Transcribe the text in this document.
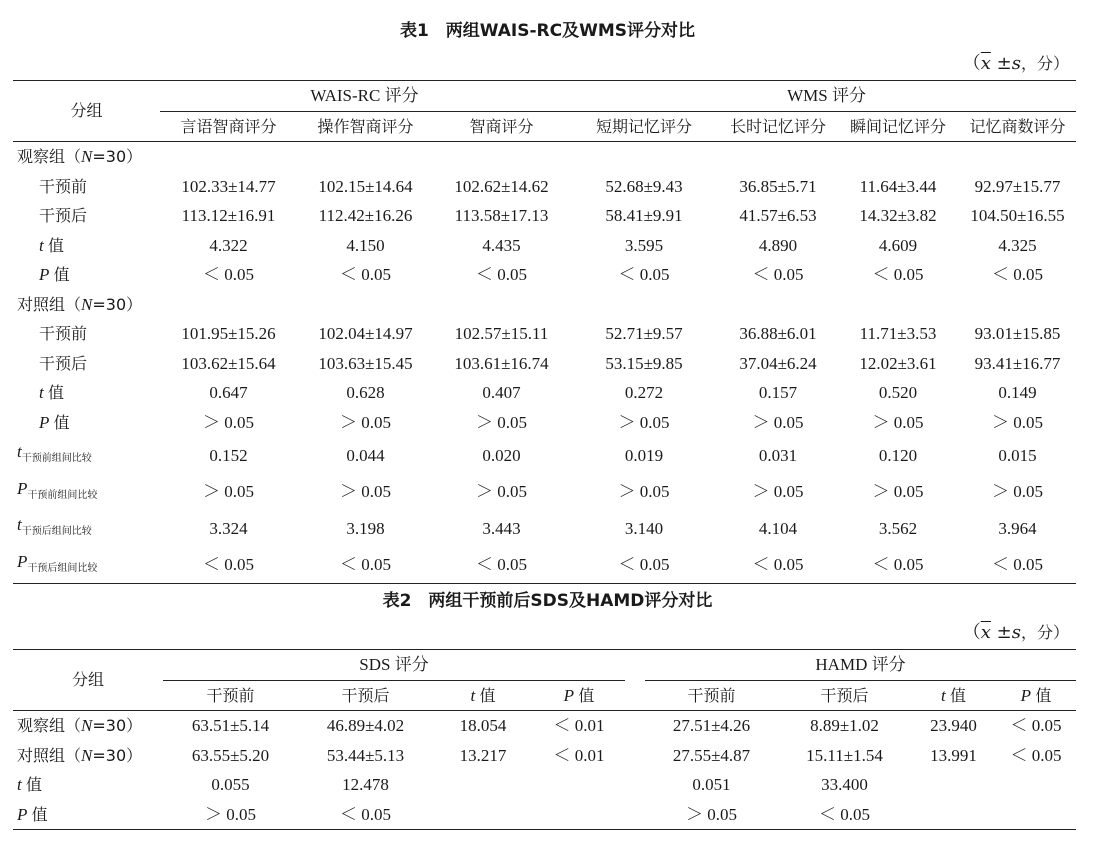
表1　两组WAIS-RC及WMS评分对比
（$\overline{x} \pm s$，分）
分组	WAIS-RC 评分			WMS 评分			
	言语智商评分	操作智商评分	智商评分	短期记忆评分	长时记忆评分	瞬间记忆评分	记忆商数评分
观察组（N=30）							
干预前	102.33±14.77	102.15±14.64	102.62±14.62	52.68±9.43	36.85±5.71	11.64±3.44	92.97±15.77
干预后	113.12±16.91	112.42±16.26	113.58±17.13	58.41±9.91	41.57±6.53	14.32±3.82	104.50±16.55
t 值	4.322	4.150	4.435	3.595	4.890	4.609	4.325
P 值	＜ 0.05	＜ 0.05	＜ 0.05	＜ 0.05	＜ 0.05	＜ 0.05	＜ 0.05
对照组（N=30）							
干预前	101.95±15.26	102.04±14.97	102.57±15.11	52.71±9.57	36.88±6.01	11.71±3.53	93.01±15.85
干预后	103.62±15.64	103.63±15.45	103.61±16.74	53.15±9.85	37.04±6.24	12.02±3.61	93.41±16.77
t 值	0.647	0.628	0.407	0.272	0.157	0.520	0.149
P 值	＞ 0.05	＞ 0.05	＞ 0.05	＞ 0.05	＞ 0.05	＞ 0.05	＞ 0.05
$t_{干预前组间比较}$	0.152	0.044	0.020	0.019	0.031	0.120	0.015
$P_{干预前组间比较}$	＞ 0.05	＞ 0.05	＞ 0.05	＞ 0.05	＞ 0.05	＞ 0.05	＞ 0.05
$t_{干预后组间比较}$	3.324	3.198	3.443	3.140	4.104	3.562	3.964
$P_{干预后组间比较}$	＜ 0.05	＜ 0.05	＜ 0.05	＜ 0.05	＜ 0.05	＜ 0.05	＜ 0.05
表2　两组干预前后SDS及HAMD评分对比
（$\overline{x} \pm s$，分）
分组	SDS 评分					HAMD 评分			
	干预前	干预后	t 值	P 值		干预前	干预后	t 值	P 值
观察组（N=30）	63.51±5.14	46.89±4.02	18.054	＜ 0.01		27.51±4.26	8.89±1.02	23.940	＜ 0.05
对照组（N=30）	63.55±5.20	53.44±5.13	13.217	＜ 0.01		27.55±4.87	15.11±1.54	13.991	＜ 0.05
t 值	0.055	12.478				0.051	33.400		
P 值	＞ 0.05	＜ 0.05				＞ 0.05	＜ 0.05		
